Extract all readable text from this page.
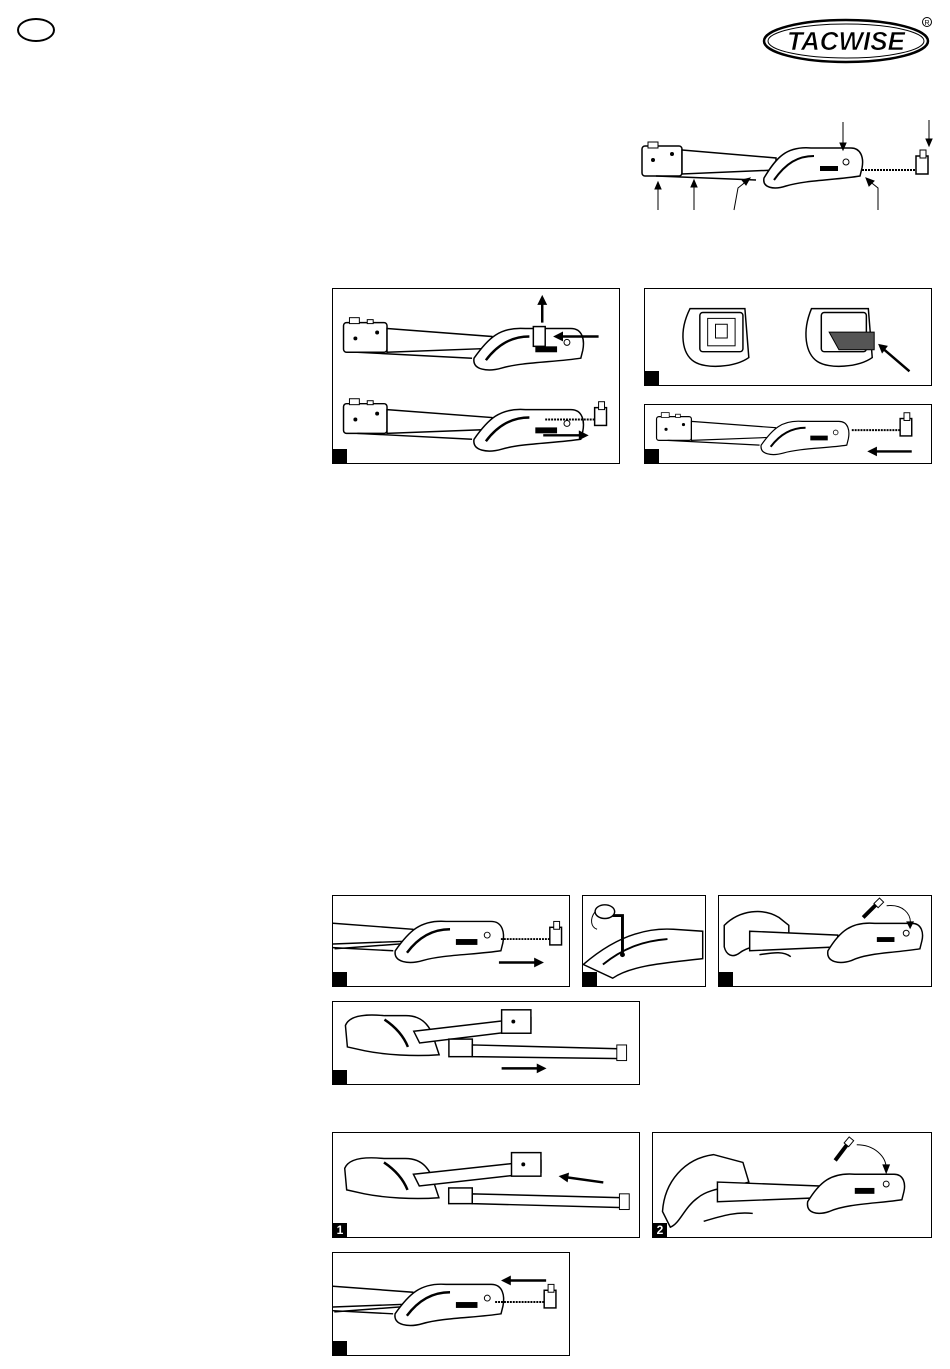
TACWISE
R
1	2
